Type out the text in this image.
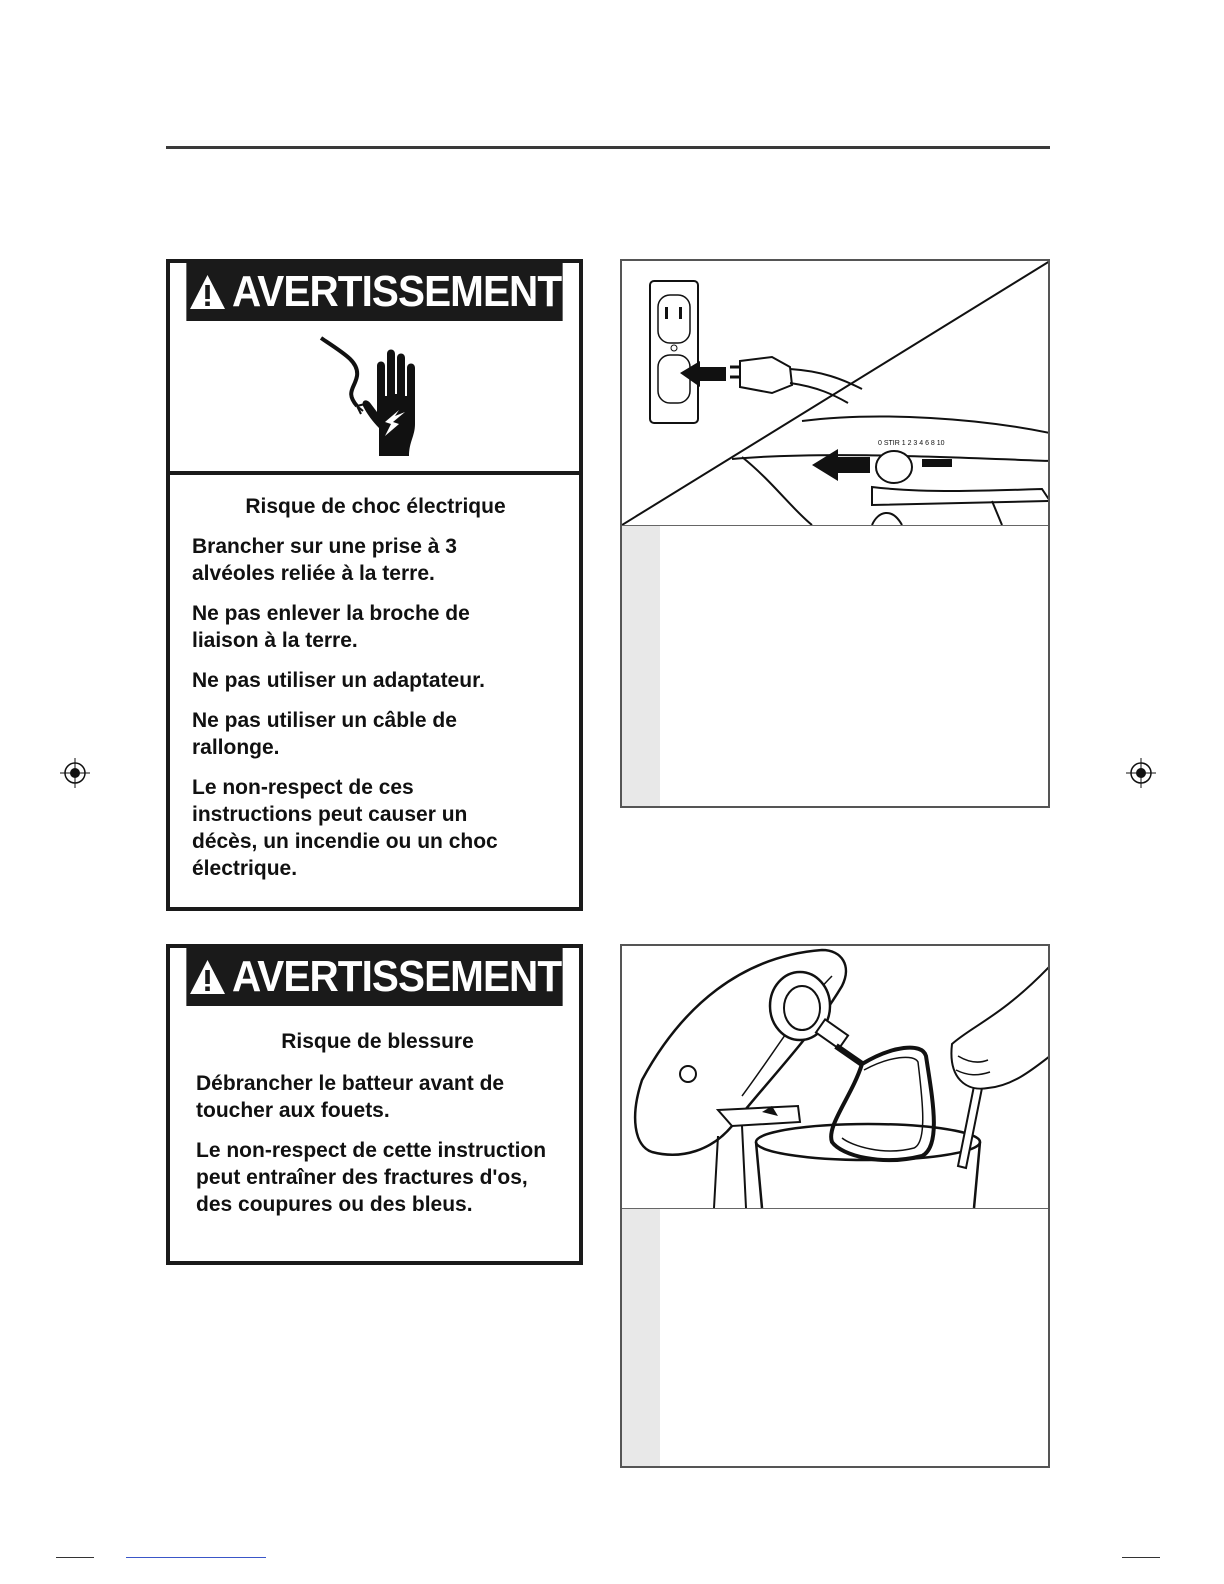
AVERTISSEMENT
Risque de choc électrique
Brancher sur une prise à 3 alvéoles reliée à la terre.
Ne pas enlever la broche de liaison à la terre.
Ne pas utiliser un adaptateur.
Ne pas utiliser un câble de rallonge.
Le non-respect de ces instructions peut causer un décès, un incendie ou un choc électrique.
AVERTISSEMENT
Risque de blessure
Débrancher le batteur avant de toucher aux fouets.
Le non-respect de cette instruction peut entraîner des fractures d'os, des coupures ou des bleus.
0 STIR 1 2 3 4 6 8 10
